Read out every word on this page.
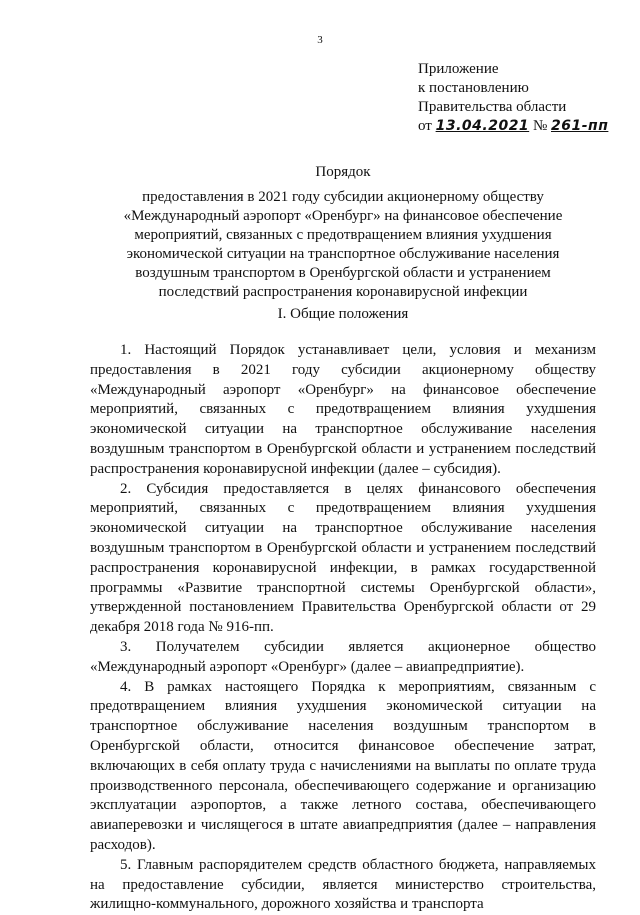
3
Приложение
к постановлению
Правительства области
от 13.04.2021 № 261-пп
Порядок
предоставления в 2021 году субсидии акционерному обществу
«Международный аэропорт «Оренбург» на финансовое обеспечение
мероприятий, связанных с предотвращением влияния ухудшения
экономической ситуации на транспортное обслуживание населения
воздушным транспортом в Оренбургской области и устранением
последствий распространения коронавирусной инфекции
I. Общие положения

1. Настоящий Порядок устанавливает цели, условия и механизм предоставления в 2021 году субсидии акционерному обществу «Международный аэропорт «Оренбург» на финансовое обеспечение мероприятий, связанных с предотвращением влияния ухудшения экономической ситуации на транспортное обслуживание населения воздушным транспортом в Оренбургской области и устранением последствий распространения коронавирусной инфекции (далее – субсидия).

2. Субсидия предоставляется в целях финансового обеспечения мероприятий, связанных с предотвращением влияния ухудшения экономической ситуации на транспортное обслуживание населения воздушным транспортом в Оренбургской области и устранением последствий распространения коронавирусной инфекции, в рамках государственной программы «Развитие транспортной системы Оренбургской области», утвержденной постановлением Правительства Оренбургской области от 29 декабря 2018 года № 916-пп.

3. Получателем субсидии является акционерное общество «Международный аэропорт «Оренбург» (далее – авиапредприятие).

4. В рамках настоящего Порядка к мероприятиям, связанным с предотвращением влияния ухудшения экономической ситуации на транспортное обслуживание населения воздушным транспортом в Оренбургской области, относится финансовое обеспечение затрат, включающих в себя оплату труда с начислениями на выплаты по оплате труда производственного персонала, обеспечивающего содержание и организацию эксплуатации аэропортов, а также летного состава, обеспечивающего авиаперевозки и числящегося в штате авиапредприятия (далее – направления расходов).

5. Главным распорядителем средств областного бюджета, направляемых на предоставление субсидии, является министерство строительства, жилищно-коммунального, дорожного хозяйства и транспорта
